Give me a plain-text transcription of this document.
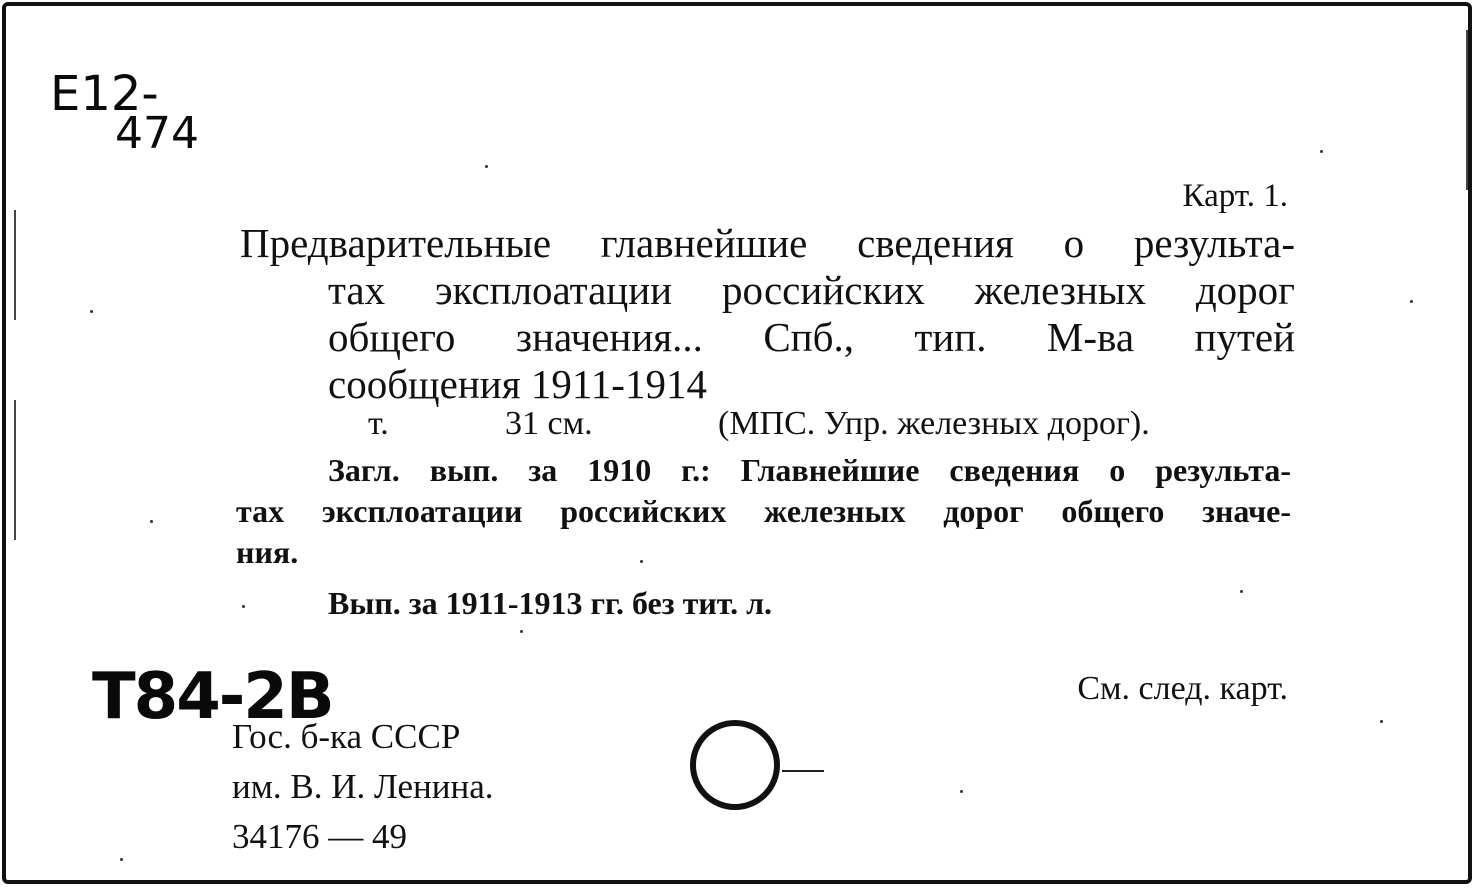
E12-
474
Карт. 1.
Предварительные главнейшие сведения о результа-
тах эксплоатации российских железных дорог
общего значения... Спб., тип. М-ва путей
сообщения 1911-1914
т.	31 см.	(МПС. Упр. железных дорог).
Загл. вып. за 1910 г.: Главнейшие сведения о результа-
тах эксплоатации российских железных дорог общего значе-
ния.
Вып. за 1911-1913 гг. без тит. л.
Т84-2В	См. след. карт.
Гос. б-ка СССР
им. В. И. Ленина.
34176 — 49
